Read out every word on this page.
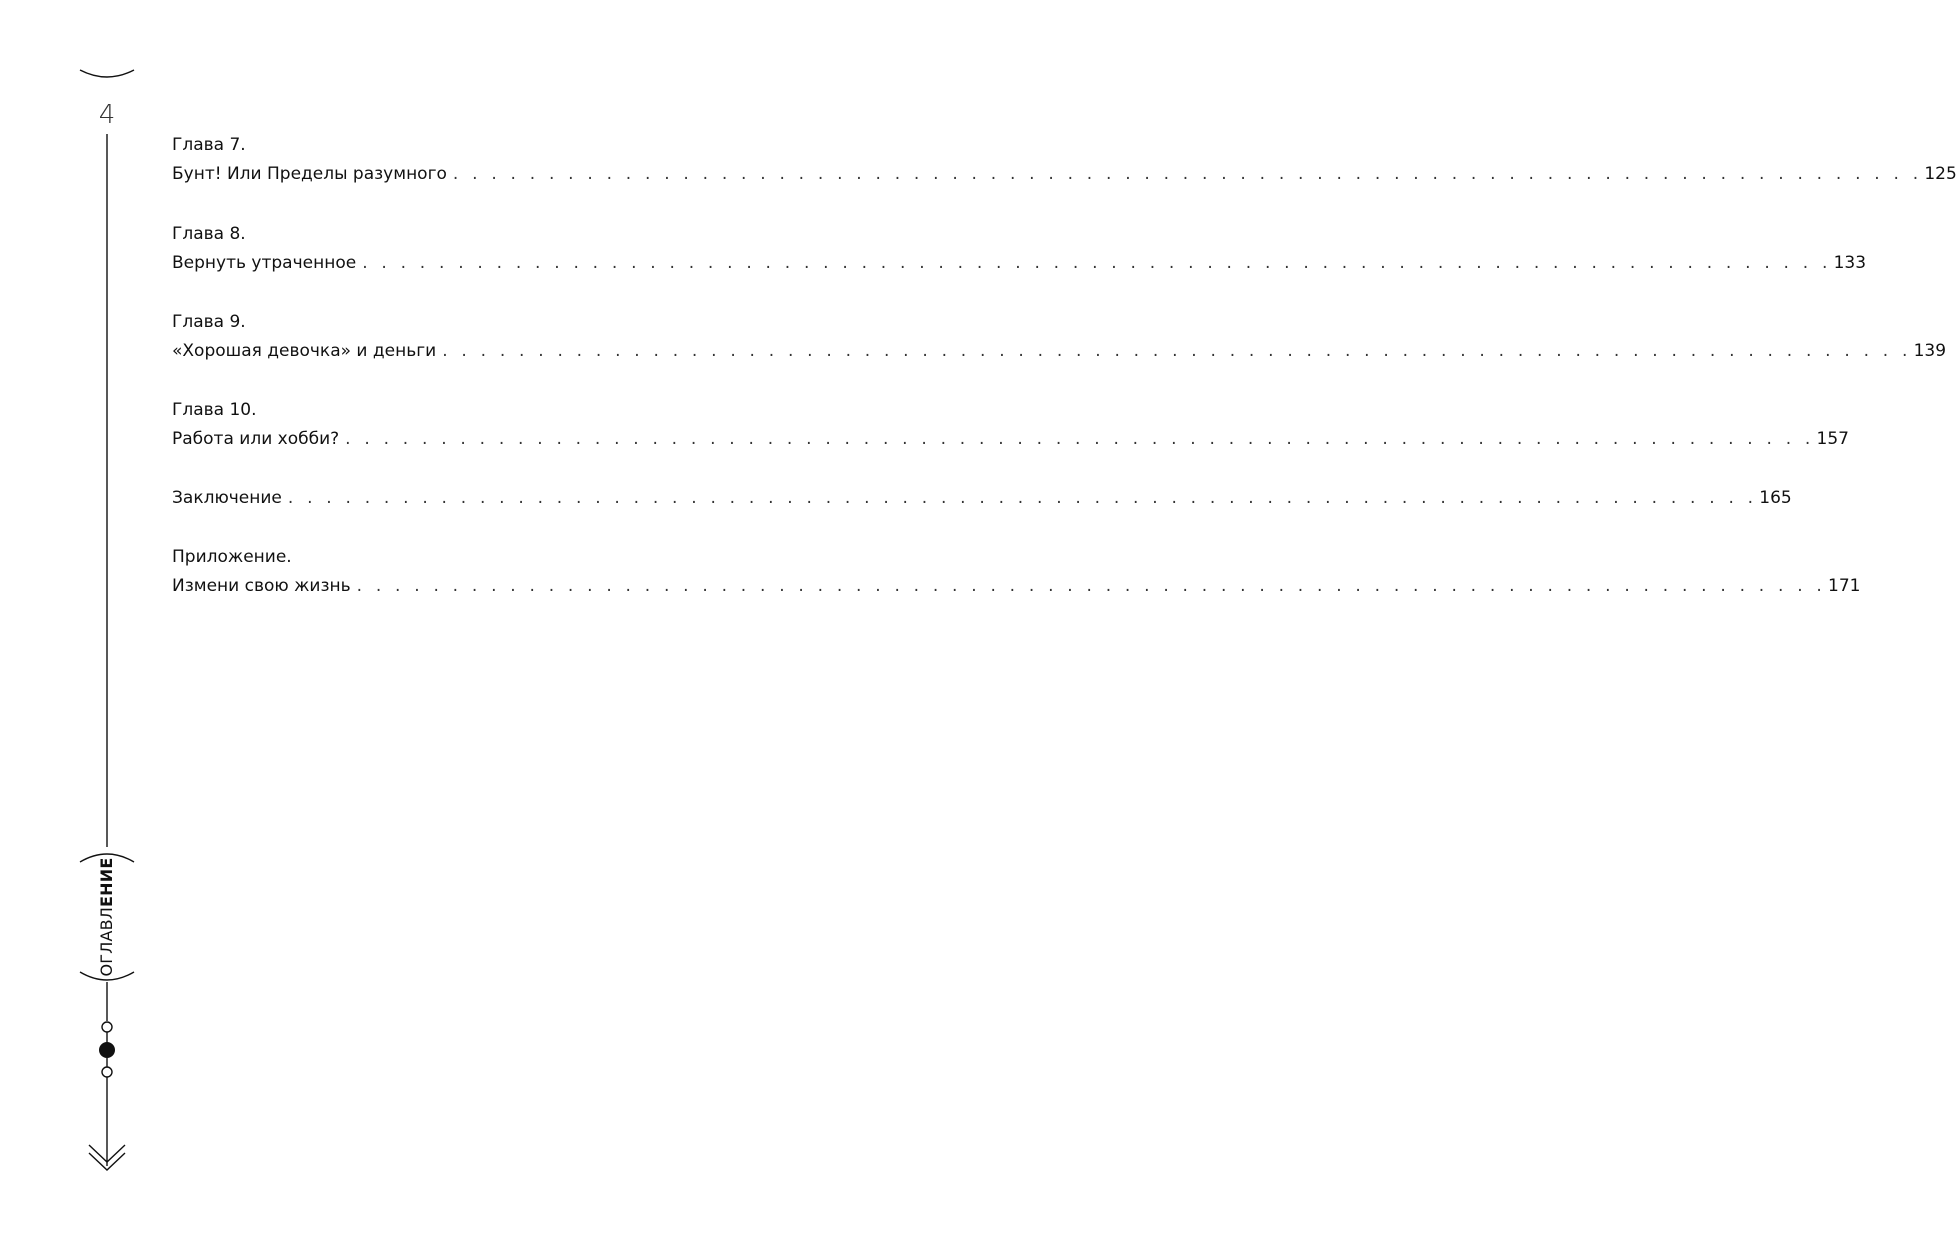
4
ОГЛАВЛЕНИЕ
Глава 7.
Бунт! Или Пределы разумного . . . . . . . . . . . . . . . . . . . . . . . . . . . . . . . . . . . . . . . . . . . . . . . . . . . . . . . . . . . . . . . . . . . . . . . . . . . . . 125
Глава 8.
Вернуть утраченное . . . . . . . . . . . . . . . . . . . . . . . . . . . . . . . . . . . . . . . . . . . . . . . . . . . . . . . . . . . . . . . . . . . . . . . . . . . . . 133
Глава 9.
«Хорошая девочка» и деньги . . . . . . . . . . . . . . . . . . . . . . . . . . . . . . . . . . . . . . . . . . . . . . . . . . . . . . . . . . . . . . . . . . . . . . . . . . . . . 139
Глава 10.
Работа или хобби? . . . . . . . . . . . . . . . . . . . . . . . . . . . . . . . . . . . . . . . . . . . . . . . . . . . . . . . . . . . . . . . . . . . . . . . . . . . . . 157
Заключение . . . . . . . . . . . . . . . . . . . . . . . . . . . . . . . . . . . . . . . . . . . . . . . . . . . . . . . . . . . . . . . . . . . . . . . . . . . . . 165
Приложение.
Измени свою жизнь . . . . . . . . . . . . . . . . . . . . . . . . . . . . . . . . . . . . . . . . . . . . . . . . . . . . . . . . . . . . . . . . . . . . . . . . . . . . . 171
